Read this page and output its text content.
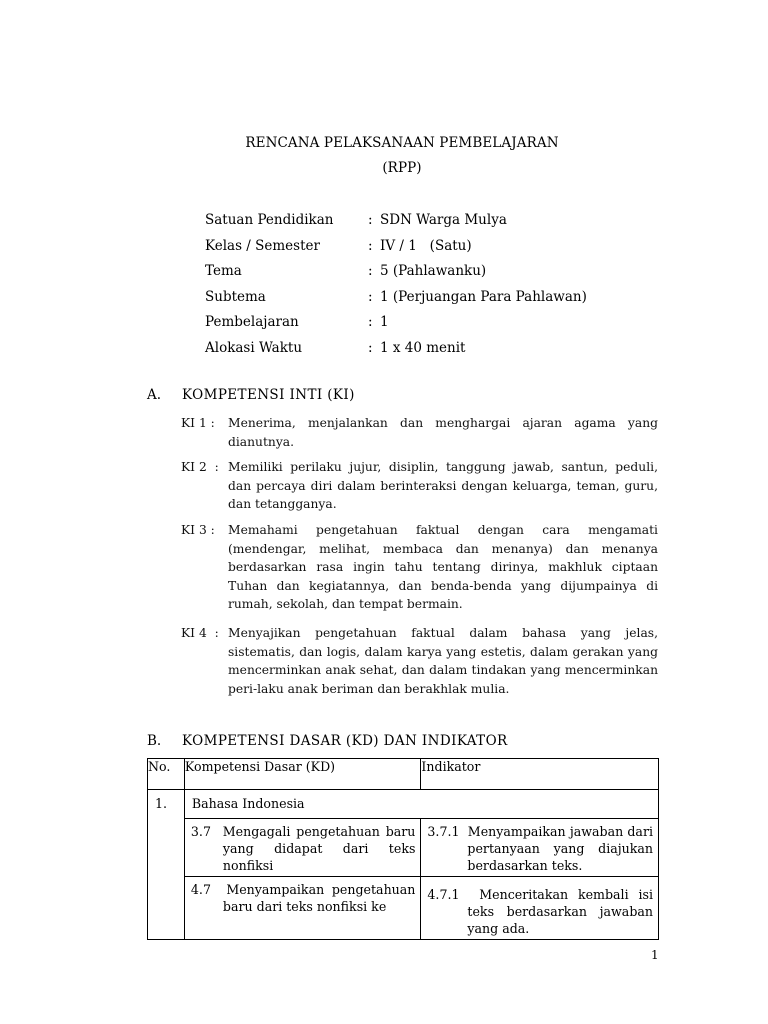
RENCANA PELAKSANAAN PEMBELAJARAN
(RPP)
Satuan Pendidikan	: SDN Warga Mulya
Kelas / Semester	: IV / 1   (Satu)
Tema	: 5 (Pahlawanku)
Subtema	: 1 (Perjuangan Para Pahlawan)
Pembelajaran	: 1
Alokasi Waktu	: 1 x 40 menit
A. KOMPETENSI INTI (KI)
KI 1 : Menerima, menjalankan dan menghargai ajaran agama yang dianutnya.
KI 2  : Memiliki perilaku jujur, disiplin, tanggung jawab, santun, peduli, dan percaya diri dalam berinteraksi dengan keluarga, teman, guru, dan tetangganya.
KI 3 : Memahami pengetahuan faktual dengan cara mengamati (mendengar, melihat, membaca dan menanya) dan menanya berdasarkan rasa ingin tahu tentang dirinya, makhluk ciptaan Tuhan dan kegiatannya, dan benda-benda yang dijumpainya di rumah, sekolah, dan tempat bermain.
KI 4  : Menyajikan pengetahuan faktual dalam bahasa yang jelas, sistematis, dan logis, dalam karya yang estetis, dalam gerakan yang mencerminkan anak sehat, dan dalam tindakan yang mencerminkan peri-laku anak beriman dan berakhlak mulia.
B. KOMPETENSI DASAR (KD) DAN INDIKATOR
No.	Kompetensi Dasar (KD)	Indikator
1.	Bahasa Indonesia	

	3.7 Mengagali pengetahuan baru yang didapat dari teks nonfiksi	3.7.1 Menyampaikan jawaban dari pertanyaan yang diajukan berdasarkan teks.

	4.7 Menyampaikan pengetahuan baru dari teks nonfiksi ke	4.7.1 Menceritakan kembali isi teks berdasarkan jawaban yang ada.
1
